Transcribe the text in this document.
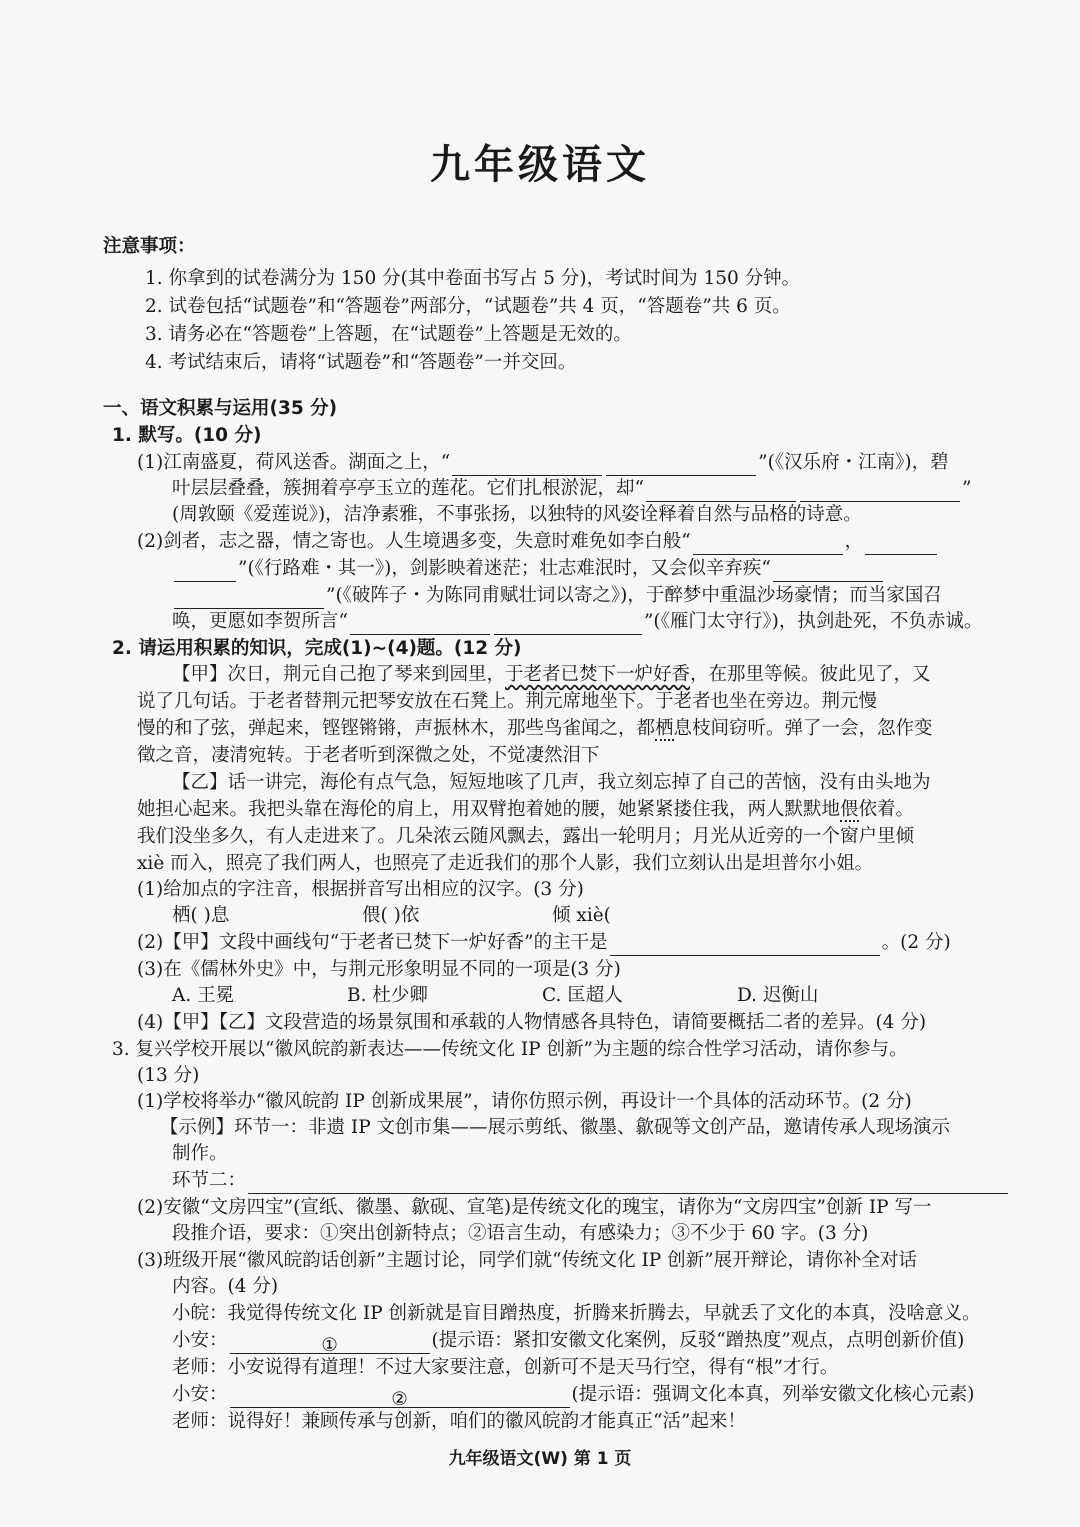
九年级语文
注意事项：
1. 你拿到的试卷满分为 150 分(其中卷面书写占 5 分)，考试时间为 150 分钟。
2. 试卷包括“试题卷”和“答题卷”两部分，“试题卷”共 4 页，“答题卷”共 6 页。
3. 请务必在“答题卷”上答题，在“试题卷”上答题是无效的。
4. 考试结束后，请将“试题卷”和“答题卷”一并交回。
一、语文积累与运用(35 分)
1. 默写。(10 分)
(1)江南盛夏，荷风送香。湖面之上，“	”(《汉乐府・江南》)，碧
叶层层叠叠，簇拥着亭亭玉立的莲花。它们扎根淤泥，却“	”
(周敦颐《爱莲说》)，洁净素雅，不事张扬，以独特的风姿诠释着自然与品格的诗意。
(2)剑者，志之器，情之寄也。人生境遇多变，失意时难免如李白般“	，
”(《行路难・其一》)，剑影映着迷茫；壮志难泯时，又会似辛弃疾“
”(《破阵子・为陈同甫赋壮词以寄之》)，于醉梦中重温沙场豪情；而当家国召
唤，更愿如李贺所言“	”(《雁门太守行》)，执剑赴死，不负赤诚。
2. 请运用积累的知识，完成(1)~(4)题。(12 分)
【甲】次日，荆元自己抱了琴来到园里，于老者已焚下一炉好香，在那里等候。彼此见了，又
说了几句话。于老者替荆元把琴安放在石凳上。荆元席地坐下。于老者也坐在旁边。荆元慢
慢的和了弦，弹起来，铿铿锵锵，声振林木，那些鸟雀闻之，都栖息枝间窃听。弹了一会，忽作变
徵之音，凄清宛转。于老者听到深微之处，不觉凄然泪下
【乙】话一讲完，海伦有点气急，短短地咳了几声，我立刻忘掉了自己的苦恼，没有由头地为
她担心起来。我把头靠在海伦的肩上，用双臂抱着她的腰，她紧紧搂住我，两人默默地偎依着。
我们没坐多久，有人走进来了。几朵浓云随风飘去，露出一轮明月；月光从近旁的一个窗户里倾
xiè 而入，照亮了我们两人，也照亮了走近我们的那个人影，我们立刻认出是坦普尔小姐。
(1)给加点的字注音，根据拼音写出相应的汉字。(3 分)
栖( )息	偎( )依	倾 xiè(
(2)【甲】文段中画线句“于老者已焚下一炉好香”的主干是	。(2 分)
(3)在《儒林外史》中，与荆元形象明显不同的一项是(3 分)
A. 王冕	B. 杜少卿	C. 匡超人	D. 迟衡山
(4)【甲】【乙】文段营造的场景氛围和承载的人物情感各具特色，请简要概括二者的差异。(4 分)
3. 复兴学校开展以“徽风皖韵新表达——传统文化 IP 创新”为主题的综合性学习活动，请你参与。
(13 分)
(1)学校将举办“徽风皖韵 IP 创新成果展”，请你仿照示例，再设计一个具体的活动环节。(2 分)
【示例】环节一：非遗 IP 文创市集——展示剪纸、徽墨、歙砚等文创产品，邀请传承人现场演示
制作。
环节二：
(2)安徽“文房四宝”(宣纸、徽墨、歙砚、宣笔)是传统文化的瑰宝，请你为“文房四宝”创新 IP 写一
段推介语，要求：①突出创新特点；②语言生动，有感染力；③不少于 60 字。(3 分)
(3)班级开展“徽风皖韵话创新”主题讨论，同学们就“传统文化 IP 创新”展开辩论，请你补全对话
内容。(4 分)
小皖：我觉得传统文化 IP 创新就是盲目蹭热度，折腾来折腾去，早就丢了文化的本真，没啥意义。
小安：	①	(提示语：紧扣安徽文化案例，反驳“蹭热度”观点，点明创新价值)
老师：小安说得有道理！不过大家要注意，创新可不是天马行空，得有“根”才行。
小安：	②	(提示语：强调文化本真，列举安徽文化核心元素)
老师：说得好！兼顾传承与创新，咱们的徽风皖韵才能真正“活”起来！
九年级语文(W) 第 1 页
